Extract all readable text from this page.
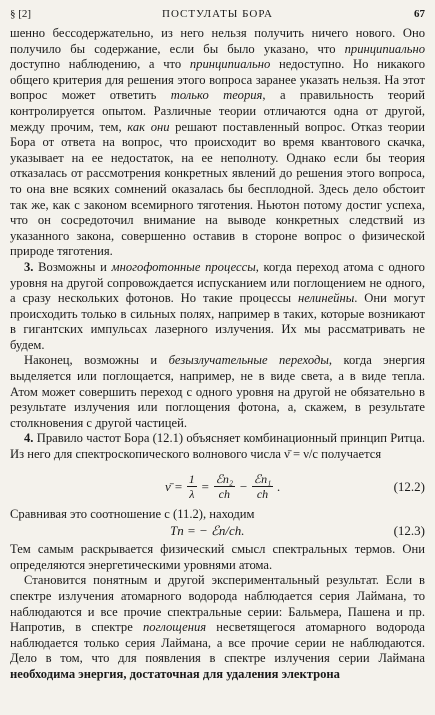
§ [2]	ПОСТУЛАТЫ БОРА	67

шенно бессодержательно, из него нельзя получить ничего нового. Оно получило бы содержание, если бы было указано, что принципиально доступно наблюдению, а что принципиально недоступно. Но никакого общего критерия для решения этого вопроса заранее указать нельзя. На этот вопрос может ответить только теория, а правильность теорий контролируется опытом. Различные теории отличаются одна от другой, между прочим, тем, как они решают поставленный вопрос. Отказ теории Бора от ответа на вопрос, что происходит во время квантового скачка, указывает на ее недостаток, на ее неполноту. Однако если бы теория отказалась от рассмотрения конкретных явлений до решения этого вопроса, то она вне всяких сомнений оказалась бы бесплодной. Здесь дело обстоит так же, как с законом всемирного тяготения. Ньютон потому достиг успеха, что он сосредоточил внимание на выводе конкретных следствий из указанного закона, совершенно оставив в стороне вопрос о физической природе тяготения.

3. Возможны и многофотонные процессы, когда переход атома с одного уровня на другой сопровождается испусканием или поглощением не одного, а сразу нескольких фотонов. Но такие процессы нелинейны. Они могут происходить только в сильных полях, например в таких, которые возникают в гигантских импульсах лазерного излучения. Их мы рассматривать не будем.

Наконец, возможны и безызлучательные переходы, когда энергия выделяется или поглощается, например, не в виде света, а в виде тепла. Атом может совершить переход с одного уровня на другой не обязательно в результате излучения или поглощения фотона, а, скажем, в результате столкновения с другой частицей.

4. Правило частот Бора (12.1) объясняет комбинационный принцип Ритца. Из него для спектроскопического волнового числа ν̄ = ν/c получается

ν̄ = $\frac{1}{\lambda} = \frac{\text{ℰn₂}}{ch} - \frac{\text{ℰn₁}}{ch}$ .	(12.2)

Сравнивая это соотношение с (11.2), находим

Tn = − ℰn/ch.	(12.3)

Тем самым раскрывается физический смысл спектральных термов. Они определяются энергетическими уровнями атома.

Становится понятным и другой экспериментальный результат. Если в спектре излучения атомарного водорода наблюдается серия Лаймана, то наблюдаются и все прочие спектральные серии: Бальмера, Пашена и пр. Напротив, в спектре поглощения несветящегося атомарного водорода наблюдается только серия Лаймана, а все прочие серии не наблюдаются. Дело в том, что для появления в спектре излучения серии Лаймана необходима энергия, достаточная для удаления электрона
